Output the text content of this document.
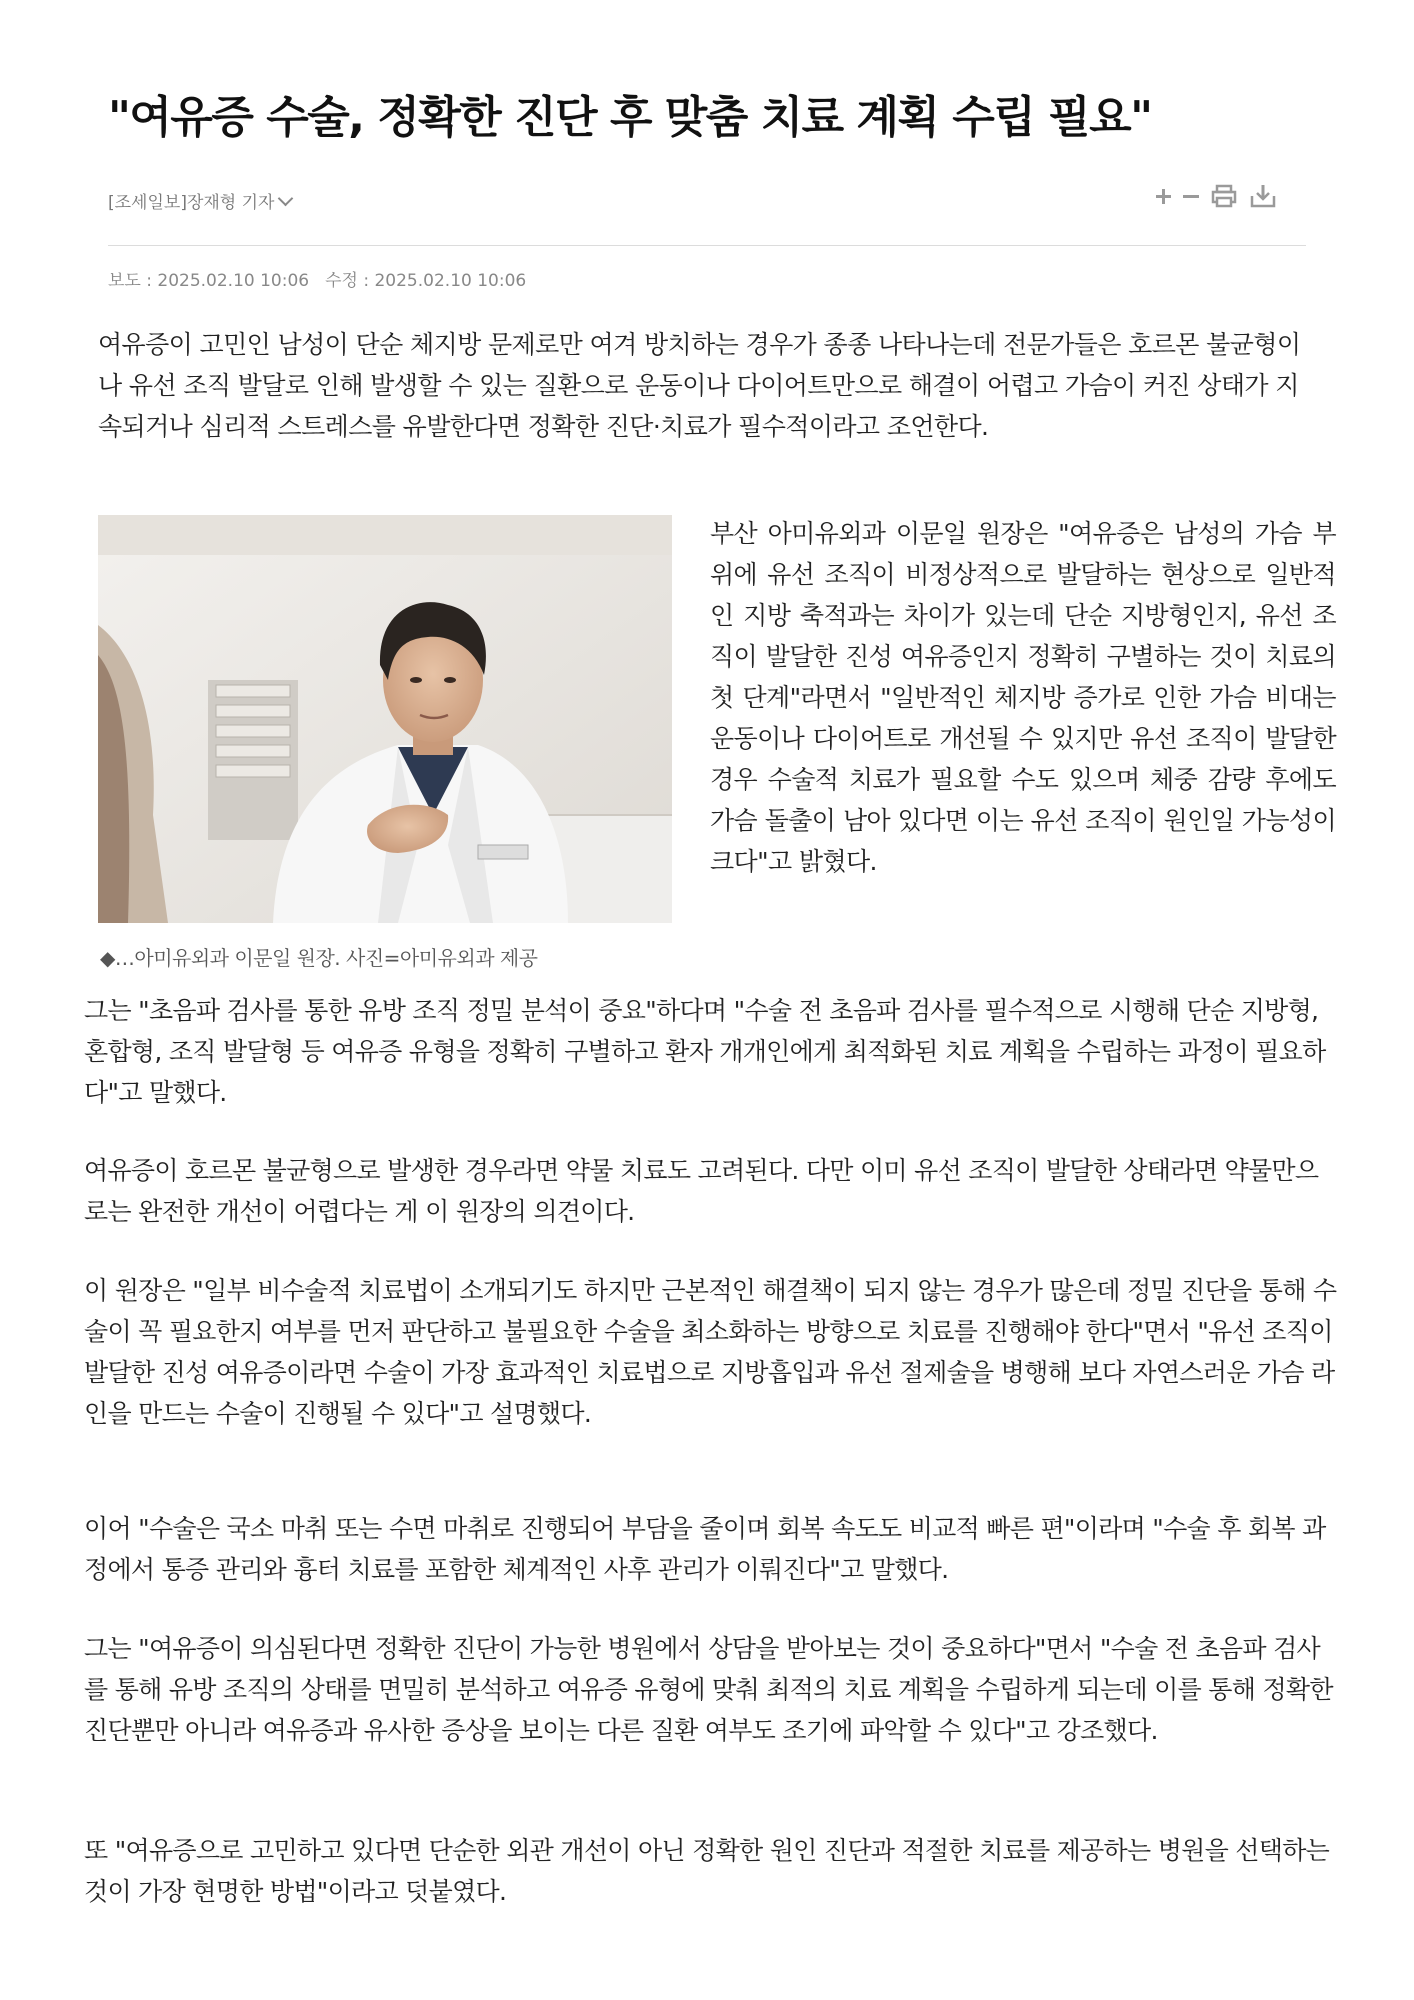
"여유증 수술, 정확한 진단 후 맞춤 치료 계획 수립 필요"
[조세일보]장재형 기자
보도 : 2025.02.10 10:06 수정 : 2025.02.10 10:06

여유증이 고민인 남성이 단순 체지방 문제로만 여겨 방치하는 경우가 종종 나타나는데 전문가들은 호르몬 불균형이나 유선 조직 발달로 인해 발생할 수 있는 질환으로 운동이나 다이어트만으로 해결이 어렵고 가슴이 커진 상태가 지속되거나 심리적 스트레스를 유발한다면 정확한 진단·치료가 필수적이라고 조언한다.

◆…아미유외과 이문일 원장. 사진=아미유외과 제공

부산 아미유외과 이문일 원장은 "여유증은 남성의 가슴 부위에 유선 조직이 비정상적으로 발달하는 현상으로 일반적인 지방 축적과는 차이가 있는데 단순 지방형인지, 유선 조직이 발달한 진성 여유증인지 정확히 구별하는 것이 치료의 첫 단계"라면서 "일반적인 체지방 증가로 인한 가슴 비대는 운동이나 다이어트로 개선될 수 있지만 유선 조직이 발달한 경우 수술적 치료가 필요할 수도 있으며 체중 감량 후에도 가슴 돌출이 남아 있다면 이는 유선 조직이 원인일 가능성이 크다"고 밝혔다.

그는 "초음파 검사를 통한 유방 조직 정밀 분석이 중요"하다며 "수술 전 초음파 검사를 필수적으로 시행해 단순 지방형, 혼합형, 조직 발달형 등 여유증 유형을 정확히 구별하고 환자 개개인에게 최적화된 치료 계획을 수립하는 과정이 필요하다"고 말했다.

여유증이 호르몬 불균형으로 발생한 경우라면 약물 치료도 고려된다. 다만 이미 유선 조직이 발달한 상태라면 약물만으로는 완전한 개선이 어렵다는 게 이 원장의 의견이다.

이 원장은 "일부 비수술적 치료법이 소개되기도 하지만 근본적인 해결책이 되지 않는 경우가 많은데 정밀 진단을 통해 수술이 꼭 필요한지 여부를 먼저 판단하고 불필요한 수술을 최소화하는 방향으로 치료를 진행해야 한다"면서 "유선 조직이 발달한 진성 여유증이라면 수술이 가장 효과적인 치료법으로 지방흡입과 유선 절제술을 병행해 보다 자연스러운 가슴 라인을 만드는 수술이 진행될 수 있다"고 설명했다.

이어 "수술은 국소 마취 또는 수면 마취로 진행되어 부담을 줄이며 회복 속도도 비교적 빠른 편"이라며 "수술 후 회복 과정에서 통증 관리와 흉터 치료를 포함한 체계적인 사후 관리가 이뤄진다"고 말했다.

그는 "여유증이 의심된다면 정확한 진단이 가능한 병원에서 상담을 받아보는 것이 중요하다"면서 "수술 전 초음파 검사를 통해 유방 조직의 상태를 면밀히 분석하고 여유증 유형에 맞춰 최적의 치료 계획을 수립하게 되는데 이를 통해 정확한 진단뿐만 아니라 여유증과 유사한 증상을 보이는 다른 질환 여부도 조기에 파악할 수 있다"고 강조했다.

또 "여유증으로 고민하고 있다면 단순한 외관 개선이 아닌 정확한 원인 진단과 적절한 치료를 제공하는 병원을 선택하는 것이 가장 현명한 방법"이라고 덧붙였다.
